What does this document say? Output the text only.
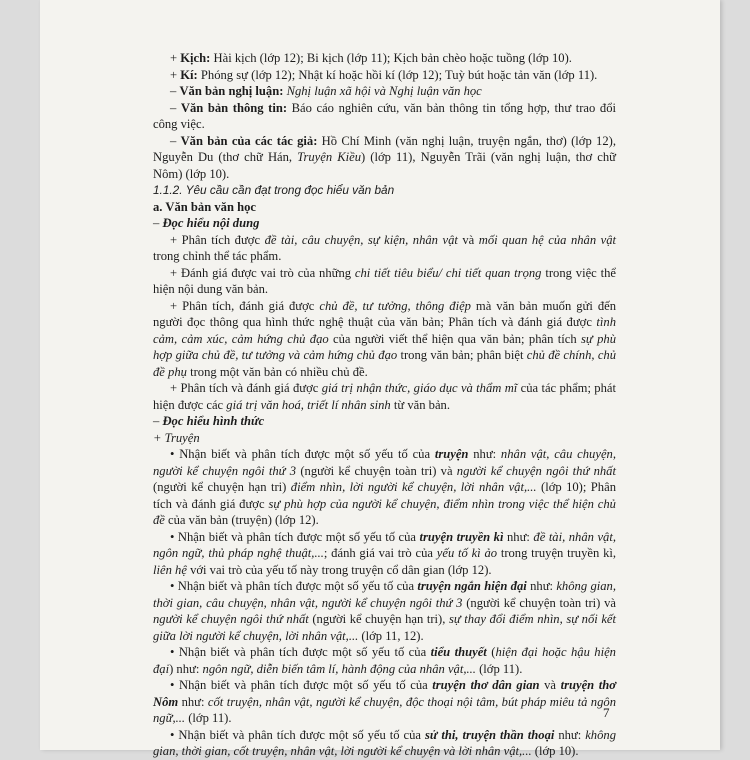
+ Kịch: Hài kịch (lớp 12); Bi kịch (lớp 11); Kịch bản chèo hoặc tuồng (lớp 10).

+ Kí: Phóng sự (lớp 12); Nhật kí hoặc hồi kí (lớp 12); Tuỳ bút hoặc tản văn (lớp 11).

– Văn bản nghị luận: Nghị luận xã hội và Nghị luận văn học

– Văn bản thông tin: Báo cáo nghiên cứu, văn bản thông tin tổng hợp, thư trao đổi công việc.

– Văn bản của các tác giả: Hồ Chí Minh (văn nghị luận, truyện ngắn, thơ) (lớp 12), Nguyễn Du (thơ chữ Hán, Truyện Kiều) (lớp 11), Nguyễn Trãi (văn nghị luận, thơ chữ Nôm) (lớp 10).

1.1.2. Yêu cầu cần đạt trong đọc hiểu văn bản

a. Văn bản văn học

– Đọc hiểu nội dung

+ Phân tích được đề tài, câu chuyện, sự kiện, nhân vật và mối quan hệ của nhân vật trong chỉnh thể tác phẩm.

+ Đánh giá được vai trò của những chi tiết tiêu biểu/ chi tiết quan trọng trong việc thể hiện nội dung văn bản.

+ Phân tích, đánh giá được chủ đề, tư tưởng, thông điệp mà văn bản muốn gửi đến người đọc thông qua hình thức nghệ thuật của văn bản; Phân tích và đánh giá được tình cảm, cảm xúc, cảm hứng chủ đạo của người viết thể hiện qua văn bản; phân tích sự phù hợp giữa chủ đề, tư tưởng và cảm hứng chủ đạo trong văn bản; phân biệt chủ đề chính, chủ đề phụ trong một văn bản có nhiều chủ đề.

+ Phân tích và đánh giá được giá trị nhận thức, giáo dục và thẩm mĩ của tác phẩm; phát hiện được các giá trị văn hoá, triết lí nhân sinh từ văn bản.

– Đọc hiểu hình thức

+ Truyện

• Nhận biết và phân tích được một số yếu tố của truyện như: nhân vật, câu chuyện, người kể chuyện ngôi thứ 3 (người kể chuyện toàn tri) và người kể chuyện ngôi thứ nhất (người kể chuyện hạn tri) điểm nhìn, lời người kể chuyện, lời nhân vật,... (lớp 10); Phân tích và đánh giá được sự phù hợp của người kể chuyện, điểm nhìn trong việc thể hiện chủ đề của văn bản (truyện) (lớp 12).

• Nhận biết và phân tích được một số yếu tố của truyện truyền kì như: đề tài, nhân vật, ngôn ngữ, thủ pháp nghệ thuật,...; đánh giá vai trò của yếu tố kì ảo trong truyện truyền kì, liên hệ với vai trò của yếu tố này trong truyện cổ dân gian (lớp 12).

• Nhận biết và phân tích được một số yếu tố của truyện ngắn hiện đại như: không gian, thời gian, câu chuyện, nhân vật, người kể chuyện ngôi thứ 3 (người kể chuyện toàn tri) và người kể chuyện ngôi thứ nhất (người kể chuyện hạn tri), sự thay đổi điểm nhìn, sự nối kết giữa lời người kể chuyện, lời nhân vật,... (lớp 11, 12).

• Nhận biết và phân tích được một số yếu tố của tiểu thuyết (hiện đại hoặc hậu hiện đại) như: ngôn ngữ, diễn biến tâm lí, hành động của nhân vật,... (lớp 11).

• Nhận biết và phân tích được một số yếu tố của truyện thơ dân gian và truyện thơ Nôm như: cốt truyện, nhân vật, người kể chuyện, độc thoại nội tâm, bút pháp miêu tả ngôn ngữ,... (lớp 11).

• Nhận biết và phân tích được một số yếu tố của sử thi, truyện thần thoại như: không gian, thời gian, cốt truyện, nhân vật, lời người kể chuyện và lời nhân vật,... (lớp 10).

7
